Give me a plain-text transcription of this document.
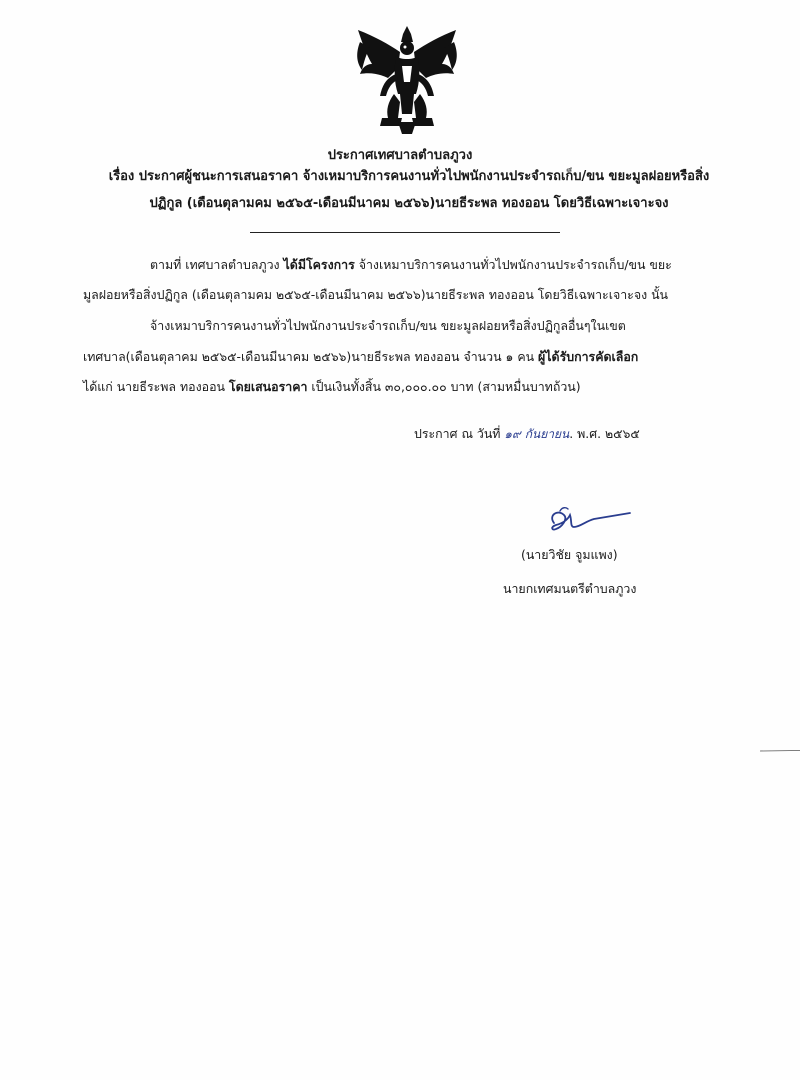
ประกาศเทศบาลตำบลภูวง
เรื่อง ประกาศผู้ชนะการเสนอราคา จ้างเหมาบริการคนงานทั่วไปพนักงานประจำรถเก็บ/ขน ขยะมูลฝอยหรือสิ่ง
ปฏิกูล (เดือนตุลามคม ๒๕๖๕-เดือนมีนาคม ๒๕๖๖)นายธีระพล ทองออน โดยวิธีเฉพาะเจาะจง
ตามที่ เทศบาลตำบลภูวง ได้มีโครงการ จ้างเหมาบริการคนงานทั่วไปพนักงานประจำรถเก็บ/ขน ขยะ
มูลฝอยหรือสิ่งปฏิกูล (เดือนตุลามคม ๒๕๖๕-เดือนมีนาคม ๒๕๖๖)นายธีระพล ทองออน โดยวิธีเฉพาะเจาะจง นั้น
จ้างเหมาบริการคนงานทั่วไปพนักงานประจำรถเก็บ/ขน ขยะมูลฝอยหรือสิ่งปฏิกูลอื่นๆในเขต
เทศบาล(เดือนตุลาคม ๒๕๖๕-เดือนมีนาคม ๒๕๖๖)นายธีระพล ทองออน จำนวน ๑ คน ผู้ได้รับการคัดเลือก
ได้แก่ นายธีระพล ทองออน โดยเสนอราคา เป็นเงินทั้งสิ้น ๓๐,๐๐๐.๐๐ บาท (สามหมื่นบาทถ้วน)
ประกาศ ณ วันที่ ๑๙ กันยายน. พ.ศ. ๒๕๖๕
(นายวิชัย จูมแพง)
นายกเทศมนตรีตำบลภูวง
